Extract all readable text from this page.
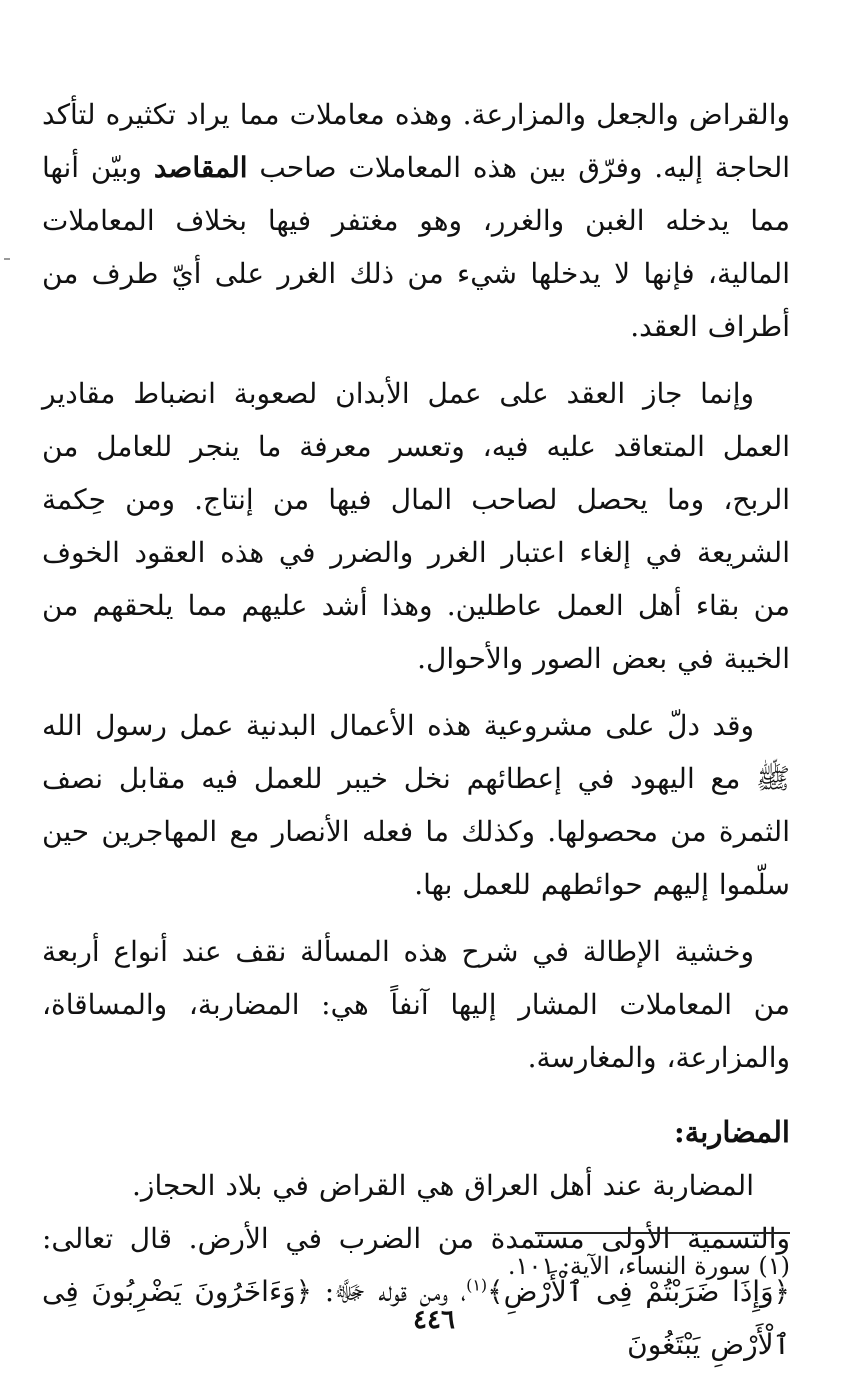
والقراض والجعل والمزارعة. وهذه معاملات مما يراد تكثيره لتأكد الحاجة إليه. وفرّق بين هذه المعاملات صاحب المقاصد وبيّن أنها مما يدخله الغبن والغرر، وهو مغتفر فيها بخلاف المعاملات المالية، فإنها لا يدخلها شيء من ذلك الغرر على أيّ طرف من أطراف العقد.

وإنما جاز العقد على عمل الأبدان لصعوبة انضباط مقادير العمل المتعاقد عليه فيه، وتعسر معرفة ما ينجر للعامل من الربح، وما يحصل لصاحب المال فيها من إنتاج. ومن حِكمة الشريعة في إلغاء اعتبار الغرر والضرر في هذه العقود الخوف من بقاء أهل العمل عاطلين. وهذا أشد عليهم مما يلحقهم من الخيبة في بعض الصور والأحوال.

وقد دلّ على مشروعية هذه الأعمال البدنية عمل رسول الله ﷺ مع اليهود في إعطائهم نخل خيبر للعمل فيه مقابل نصف الثمرة من محصولها. وكذلك ما فعله الأنصار مع المهاجرين حين سلّموا إليهم حوائطهم للعمل بها.

وخشية الإطالة في شرح هذه المسألة نقف عند أنواع أربعة من المعاملات المشار إليها آنفاً هي: المضاربة، والمساقاة، والمزارعة، والمغارسة.

المضاربة:

المضاربة عند أهل العراق هي القراض في بلاد الحجاز.

والتسمية الأولى مستمدة من الضرب في الأرض. قال تعالى: ﴿وَإِذَا ضَرَبْتُمْ فِى ٱلْأَرْضِ﴾$^{(١)}$، ومن قوله ﷻ: ﴿وَءَاخَرُونَ يَضْرِبُونَ فِى ٱلْأَرْضِ يَبْتَغُونَ

(١) سورة النساء، الآية: ١٠١.

٤٤٦
